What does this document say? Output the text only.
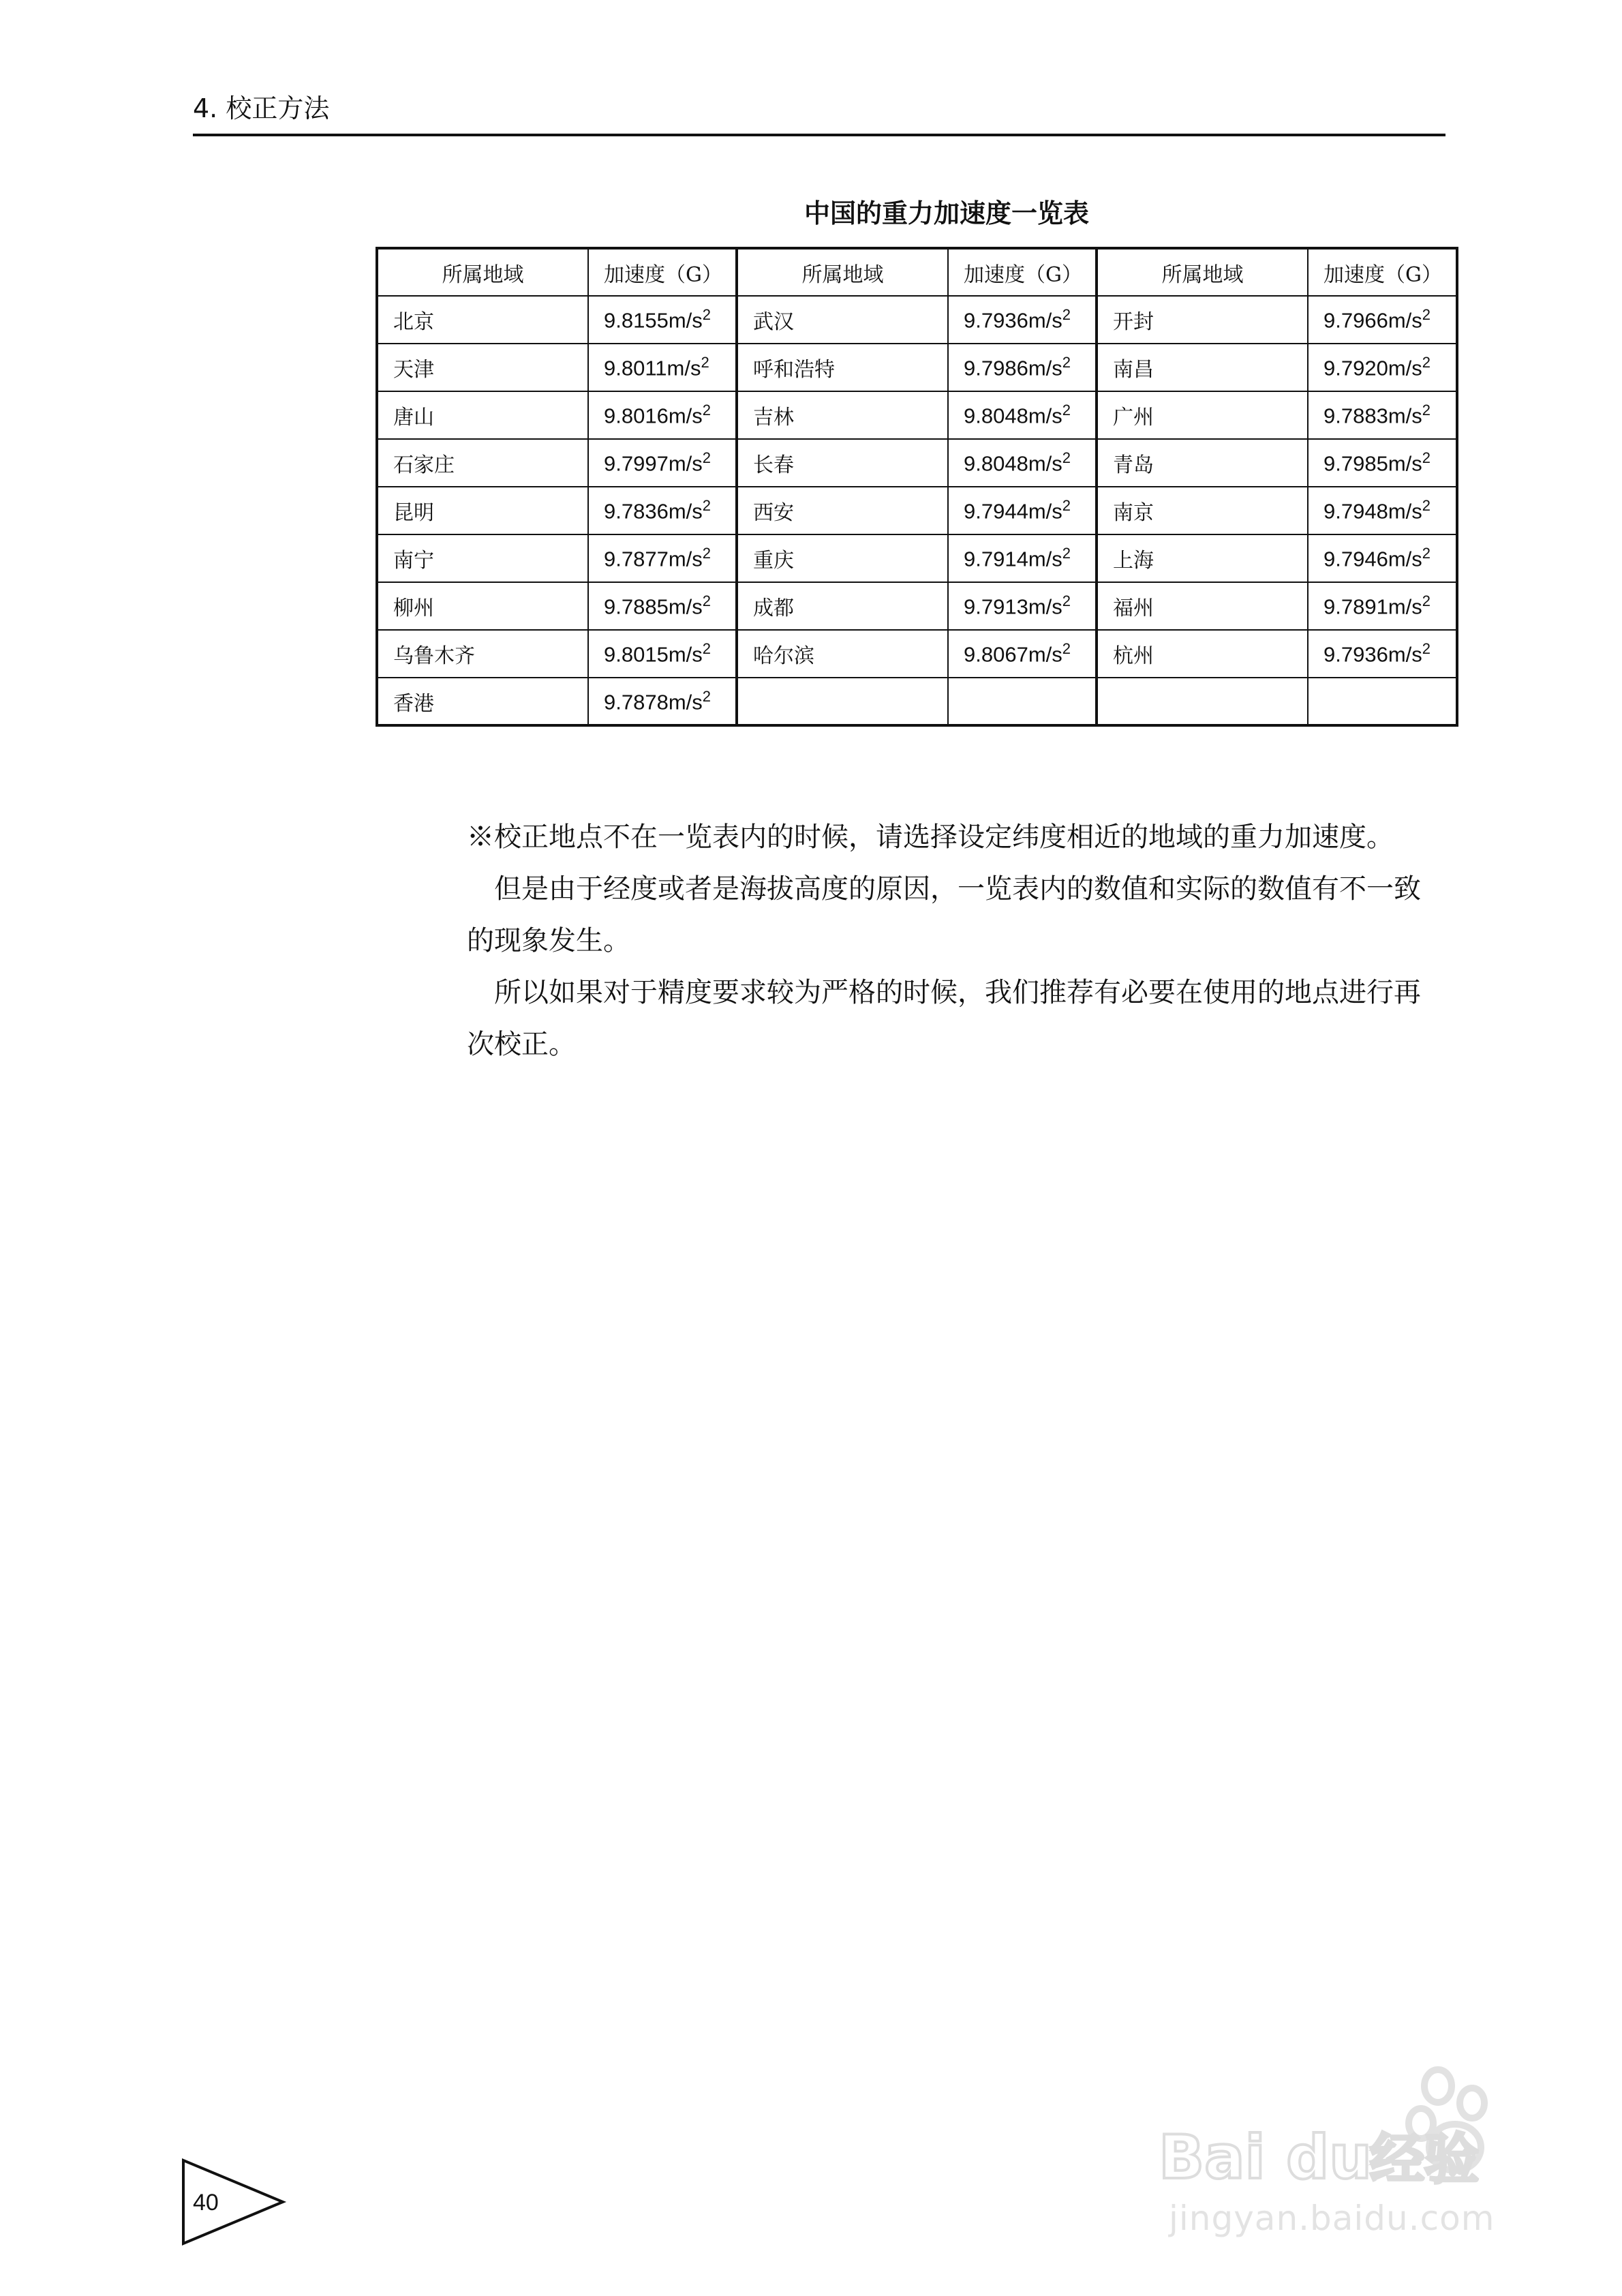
4. 校正方法
中国的重力加速度一览表
所属地域	加速度（G）	所属地域	加速度（G）	所属地域	加速度（G）
北京	$9.8155m/s^2$	武汉	$9.7936m/s^2$	开封	$9.7966m/s^2$
天津	$9.8011m/s^2$	呼和浩特	$9.7986m/s^2$	南昌	$9.7920m/s^2$
唐山	$9.8016m/s^2$	吉林	$9.8048m/s^2$	广州	$9.7883m/s^2$
石家庄	$9.7997m/s^2$	长春	$9.8048m/s^2$	青岛	$9.7985m/s^2$
昆明	$9.7836m/s^2$	西安	$9.7944m/s^2$	南京	$9.7948m/s^2$
南宁	$9.7877m/s^2$	重庆	$9.7914m/s^2$	上海	$9.7946m/s^2$
柳州	$9.7885m/s^2$	成都	$9.7913m/s^2$	福州	$9.7891m/s^2$
乌鲁木齐	$9.8015m/s^2$	哈尔滨	$9.8067m/s^2$	杭州	$9.7936m/s^2$
香港	$9.7878m/s^2$				

※校正地点不在一览表内的时候，请选择设定纬度相近的地域的重力加速度。

但是由于经度或者是海拔高度的原因，一览表内的数值和实际的数值有不一致的现象发生。

所以如果对于精度要求较为严格的时候，我们推荐有必要在使用的地点进行再次校正。

40
Bai du
经验
jingyan.baidu.com
